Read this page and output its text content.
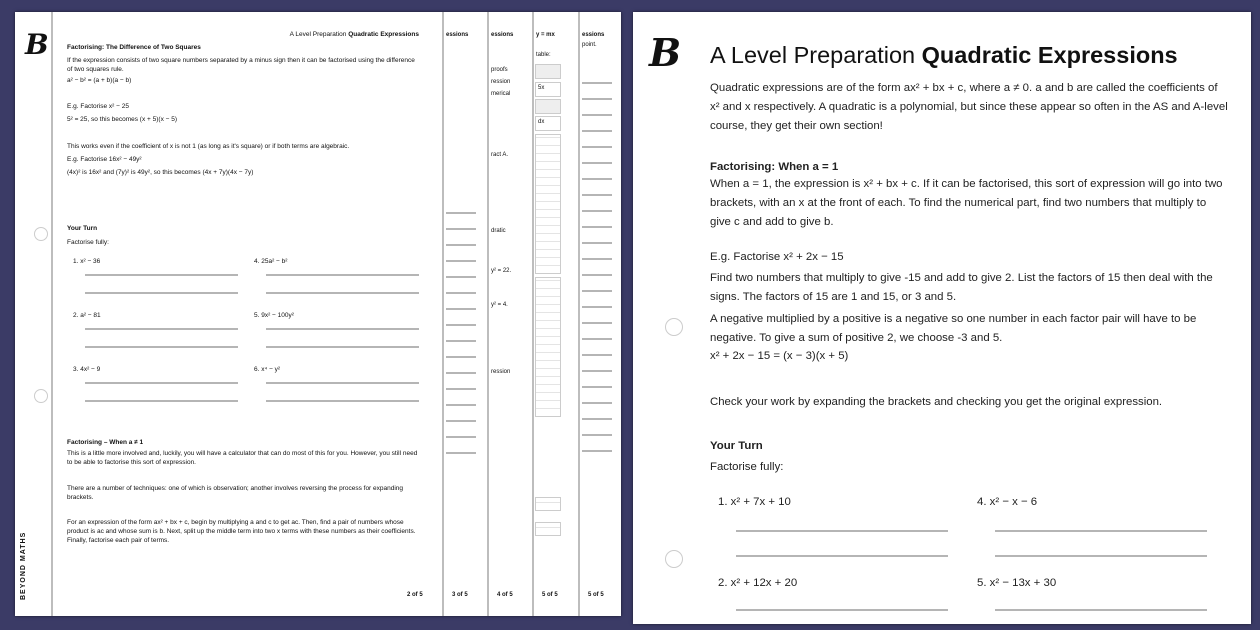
B
BEYOND MATHS
A Level Preparation Quadratic Expressions
Factorising: The Difference of Two Squares
If the expression consists of two square numbers separated by a minus sign then it can be factorised using the difference of two squares rule.
a² − b² = (a + b)(a − b)
E.g. Factorise x² − 25
5² = 25, so this becomes (x + 5)(x − 5)
This works even if the coefficient of x is not 1 (as long as it's square) or if both terms are algebraic.
E.g. Factorise 16x² − 49y²
(4x)² is 16x² and (7y)² is 49y², so this becomes (4x + 7y)(4x − 7y)
Your Turn
Factorise fully:
1. x² − 36
2. a² − 81
3. 4x² − 9
4. 25a² − b²
5. 9x² − 100y²
6. x⁴ − y²
Factorising – When a ≠ 1
This is a little more involved and, luckily, you will have a calculator that can do most of this for you. However, you still need to be able to factorise this sort of expression.
There are a number of techniques: one of which is observation; another involves reversing the process for expanding brackets.
For an expression of the form ax² + bx + c, begin by multiplying a and c to get ac. Then, find a pair of numbers whose product is ac and whose sum is b. Next, split up the middle term into two x terms with these numbers as their coefficients. Finally, factorise each pair of terms.
2 of 5
essions
3 of 5
essions
proofs
ression
merical
ract A.
dratic
y² = 22.
y² = 4.
ression
4 of 5
y = mx
table:
5x
dx
5 of 5
essions
point.
5 of 5
B A Level Preparation Quadratic Expressions
Quadratic expressions are of the form ax² + bx + c, where a ≠ 0. a and b are called the coefficients of x² and x respectively. A quadratic is a polynomial, but since these appear so often in the AS and A-level course, they get their own section!
Factorising: When a = 1
When a = 1, the expression is x² + bx + c. If it can be factorised, this sort of expression will go into two brackets, with an x at the front of each. To find the numerical part, find two numbers that multiply to give c and add to give b.
E.g. Factorise x² + 2x − 15
Find two numbers that multiply to give -15 and add to give 2. List the factors of 15 then deal with the signs. The factors of 15 are 1 and 15, or 3 and 5.
A negative multiplied by a positive is a negative so one number in each factor pair will have to be negative. To give a sum of positive 2, we choose -3 and 5.
x² + 2x − 15 = (x − 3)(x + 5)
Check your work by expanding the brackets and checking you get the original expression.
Your Turn
Factorise fully:
1. x² + 7x + 10
2. x² + 12x + 20
4. x² − x − 6
5. x² − 13x + 30
